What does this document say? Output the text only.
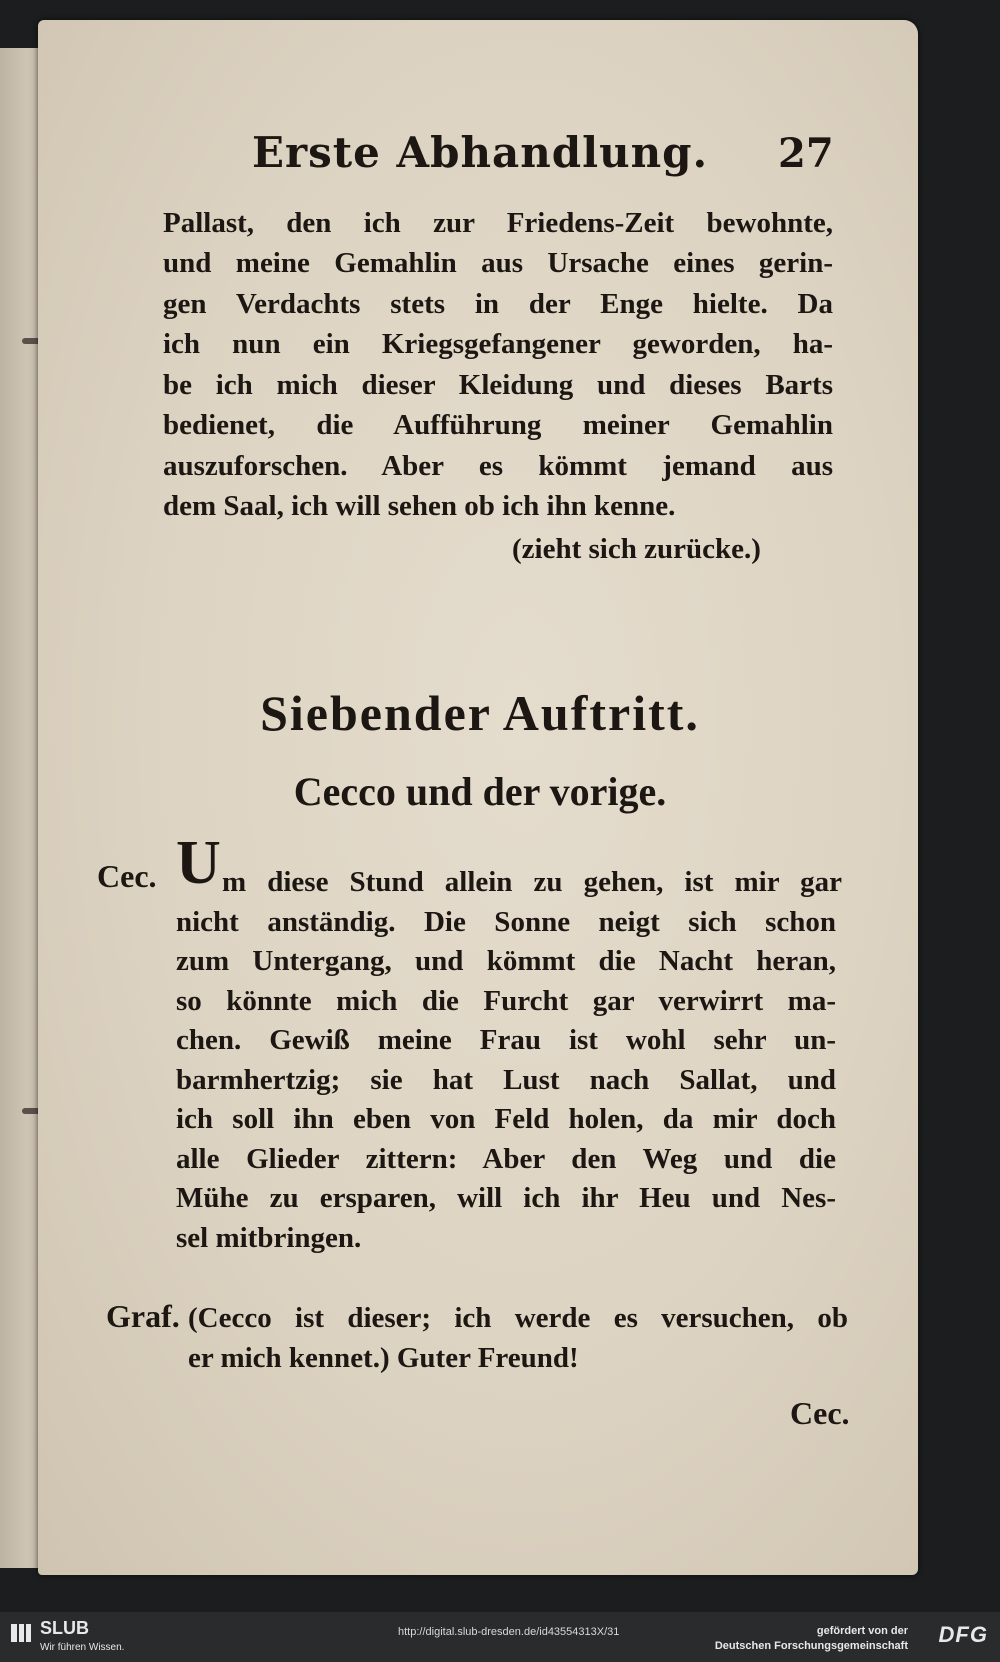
Erste Abhandlung. 27
Pallast, den ich zur Friedens-Zeit bewohnte,
und meine Gemahlin aus Ursache eines gerin-
gen Verdachts stets in der Enge hielte. Da
ich nun ein Kriegsgefangener geworden, ha-
be ich mich dieser Kleidung und dieses Barts
bedienet, die Aufführung meiner Gemahlin
auszuforschen. Aber es kömmt jemand aus
dem Saal, ich will sehen ob ich ihn kenne.
(zieht sich zurücke.)
Siebender Auftritt.
Cecco und der vorige.
Cec. U m diese Stund allein zu gehen, ist mir gar
nicht anständig. Die Sonne neigt sich schon
zum Untergang, und kömmt die Nacht heran,
so könnte mich die Furcht gar verwirrt ma-
chen. Gewiß meine Frau ist wohl sehr un-
barmhertzig; sie hat Lust nach Sallat, und
ich soll ihn eben von Feld holen, da mir doch
alle Glieder zittern: Aber den Weg und die
Mühe zu ersparen, will ich ihr Heu und Nes-
sel mitbringen.
Graf. (Cecco ist dieser; ich werde es versuchen, ob
er mich kennet.) Guter Freund!
Cec.
SLUB
Wir führen Wissen.
http://digital.slub-dresden.de/id43554313X/31	gefördert von der
Deutschen Forschungsgemeinschaft DFG
